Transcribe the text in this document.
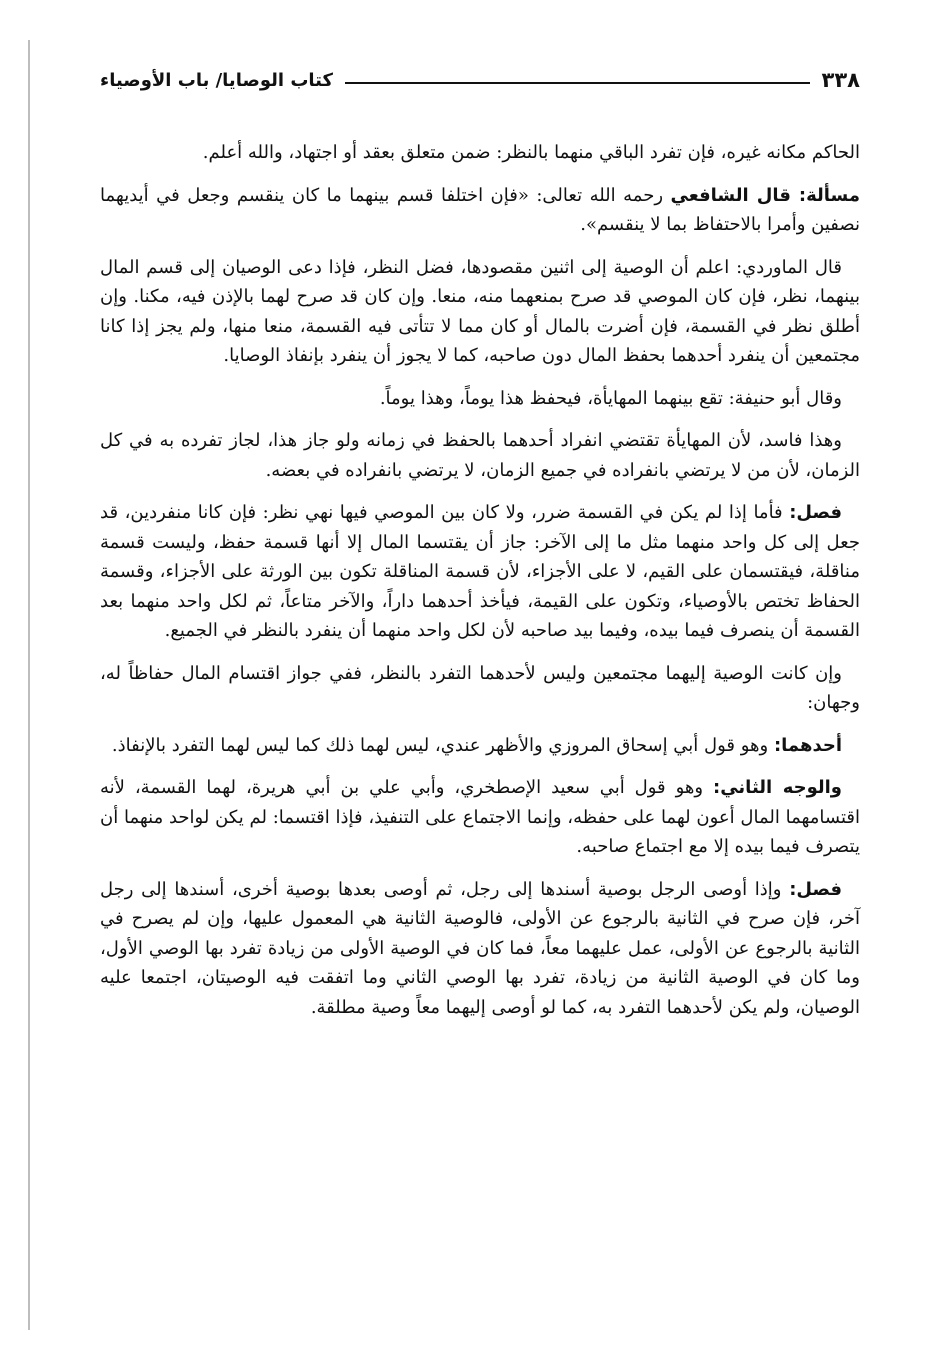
٣٣٨
كتاب الوصايا/ باب الأوصياء

الحاكم مكانه غيره، فإن تفرد الباقي منهما بالنظر: ضمن متعلق بعقد أو اجتهاد، والله أعلم.

مسألة: قال الشافعي رحمه الله تعالى: «فإن اختلفا قسم بينهما ما كان ينقسم وجعل في أيديهما نصفين وأمرا بالاحتفاظ بما لا ينقسم».

قال الماوردي: اعلم أن الوصية إلى اثنين مقصودها، فضل النظر، فإذا دعى الوصيان إلى قسم المال بينهما، نظر، فإن كان الموصي قد صرح بمنعهما منه، منعا. وإن كان قد صرح لهما بالإذن فيه، مكنا. وإن أطلق نظر في القسمة، فإن أضرت بالمال أو كان مما لا تتأتى فيه القسمة، منعا منها، ولم يجز إذا كانا مجتمعين أن ينفرد أحدهما بحفظ المال دون صاحبه، كما لا يجوز أن ينفرد بإنفاذ الوصايا.

وقال أبو حنيفة: تقع بينهما المهايأة، فيحفظ هذا يوماً، وهذا يوماً.

وهذا فاسد، لأن المهايأة تقتضي انفراد أحدهما بالحفظ في زمانه ولو جاز هذا، لجاز تفرده به في كل الزمان، لأن من لا يرتضي بانفراده في جميع الزمان، لا يرتضي بانفراده في بعضه.

فصل: فأما إذا لم يكن في القسمة ضرر، ولا كان بين الموصي فيها نهي نظر: فإن كانا منفردين، قد جعل إلى كل واحد منهما مثل ما إلى الآخر: جاز أن يقتسما المال إلا أنها قسمة حفظ، وليست قسمة مناقلة، فيقتسمان على القيم، لا على الأجزاء، لأن قسمة المناقلة تكون بين الورثة على الأجزاء، وقسمة الحفاظ تختص بالأوصياء، وتكون على القيمة، فيأخذ أحدهما داراً، والآخر متاعاً، ثم لكل واحد منهما بعد القسمة أن ينصرف فيما بيده، وفيما بيد صاحبه لأن لكل واحد منهما أن ينفرد بالنظر في الجميع.

وإن كانت الوصية إليهما مجتمعين وليس لأحدهما التفرد بالنظر، ففي جواز اقتسام المال حفاظاً له، وجهان:

أحدهما: وهو قول أبي إسحاق المروزي والأظهر عندي، ليس لهما ذلك كما ليس لهما التفرد بالإنفاذ.

والوجه الثاني: وهو قول أبي سعيد الإصطخري، وأبي علي بن أبي هريرة، لهما القسمة، لأنه اقتسامهما المال أعون لهما على حفظه، وإنما الاجتماع على التنفيذ، فإذا اقتسما: لم يكن لواحد منهما أن يتصرف فيما بيده إلا مع اجتماع صاحبه.

فصل: وإذا أوصى الرجل بوصية أسندها إلى رجل، ثم أوصى بعدها بوصية أخرى، أسندها إلى رجل آخر، فإن صرح في الثانية بالرجوع عن الأولى، فالوصية الثانية هي المعمول عليها، وإن لم يصرح في الثانية بالرجوع عن الأولى، عمل عليهما معاً، فما كان في الوصية الأولى من زيادة تفرد بها الوصي الأول، وما كان في الوصية الثانية من زيادة، تفرد بها الوصي الثاني وما اتفقت فيه الوصيتان، اجتمعا عليه الوصيان، ولم يكن لأحدهما التفرد به، كما لو أوصى إليهما معاً وصية مطلقة.
